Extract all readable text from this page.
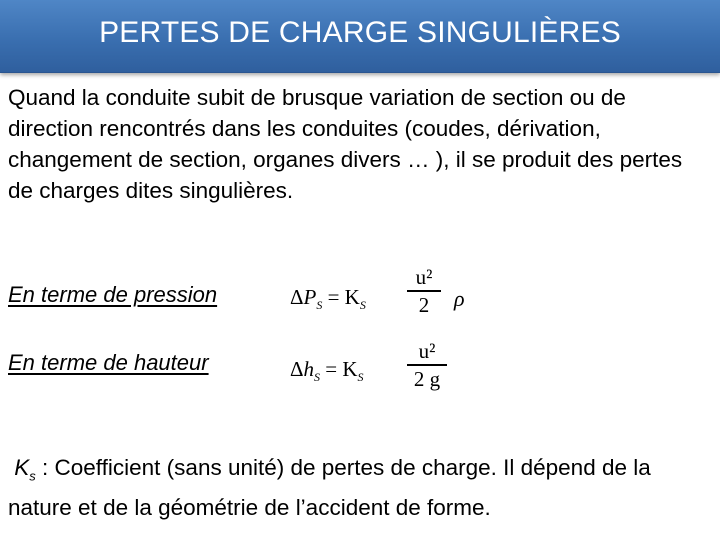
PERTES DE CHARGE SINGULIÈRES
Quand la conduite subit de brusque variation de section ou de direction rencontrés dans les conduites (coudes, dérivation, changement de section, organes divers … ), il se produit des pertes de charges dites singulières.
En terme de pression	$\Delta P_S = K_S$
u²
2	ρ
En terme de hauteur	$\Delta h_S = K_S$
u²
2 g
$K_s$ : Coefficient (sans unité) de pertes de charge. Il dépend de la nature et de la géométrie de l’accident de forme.
